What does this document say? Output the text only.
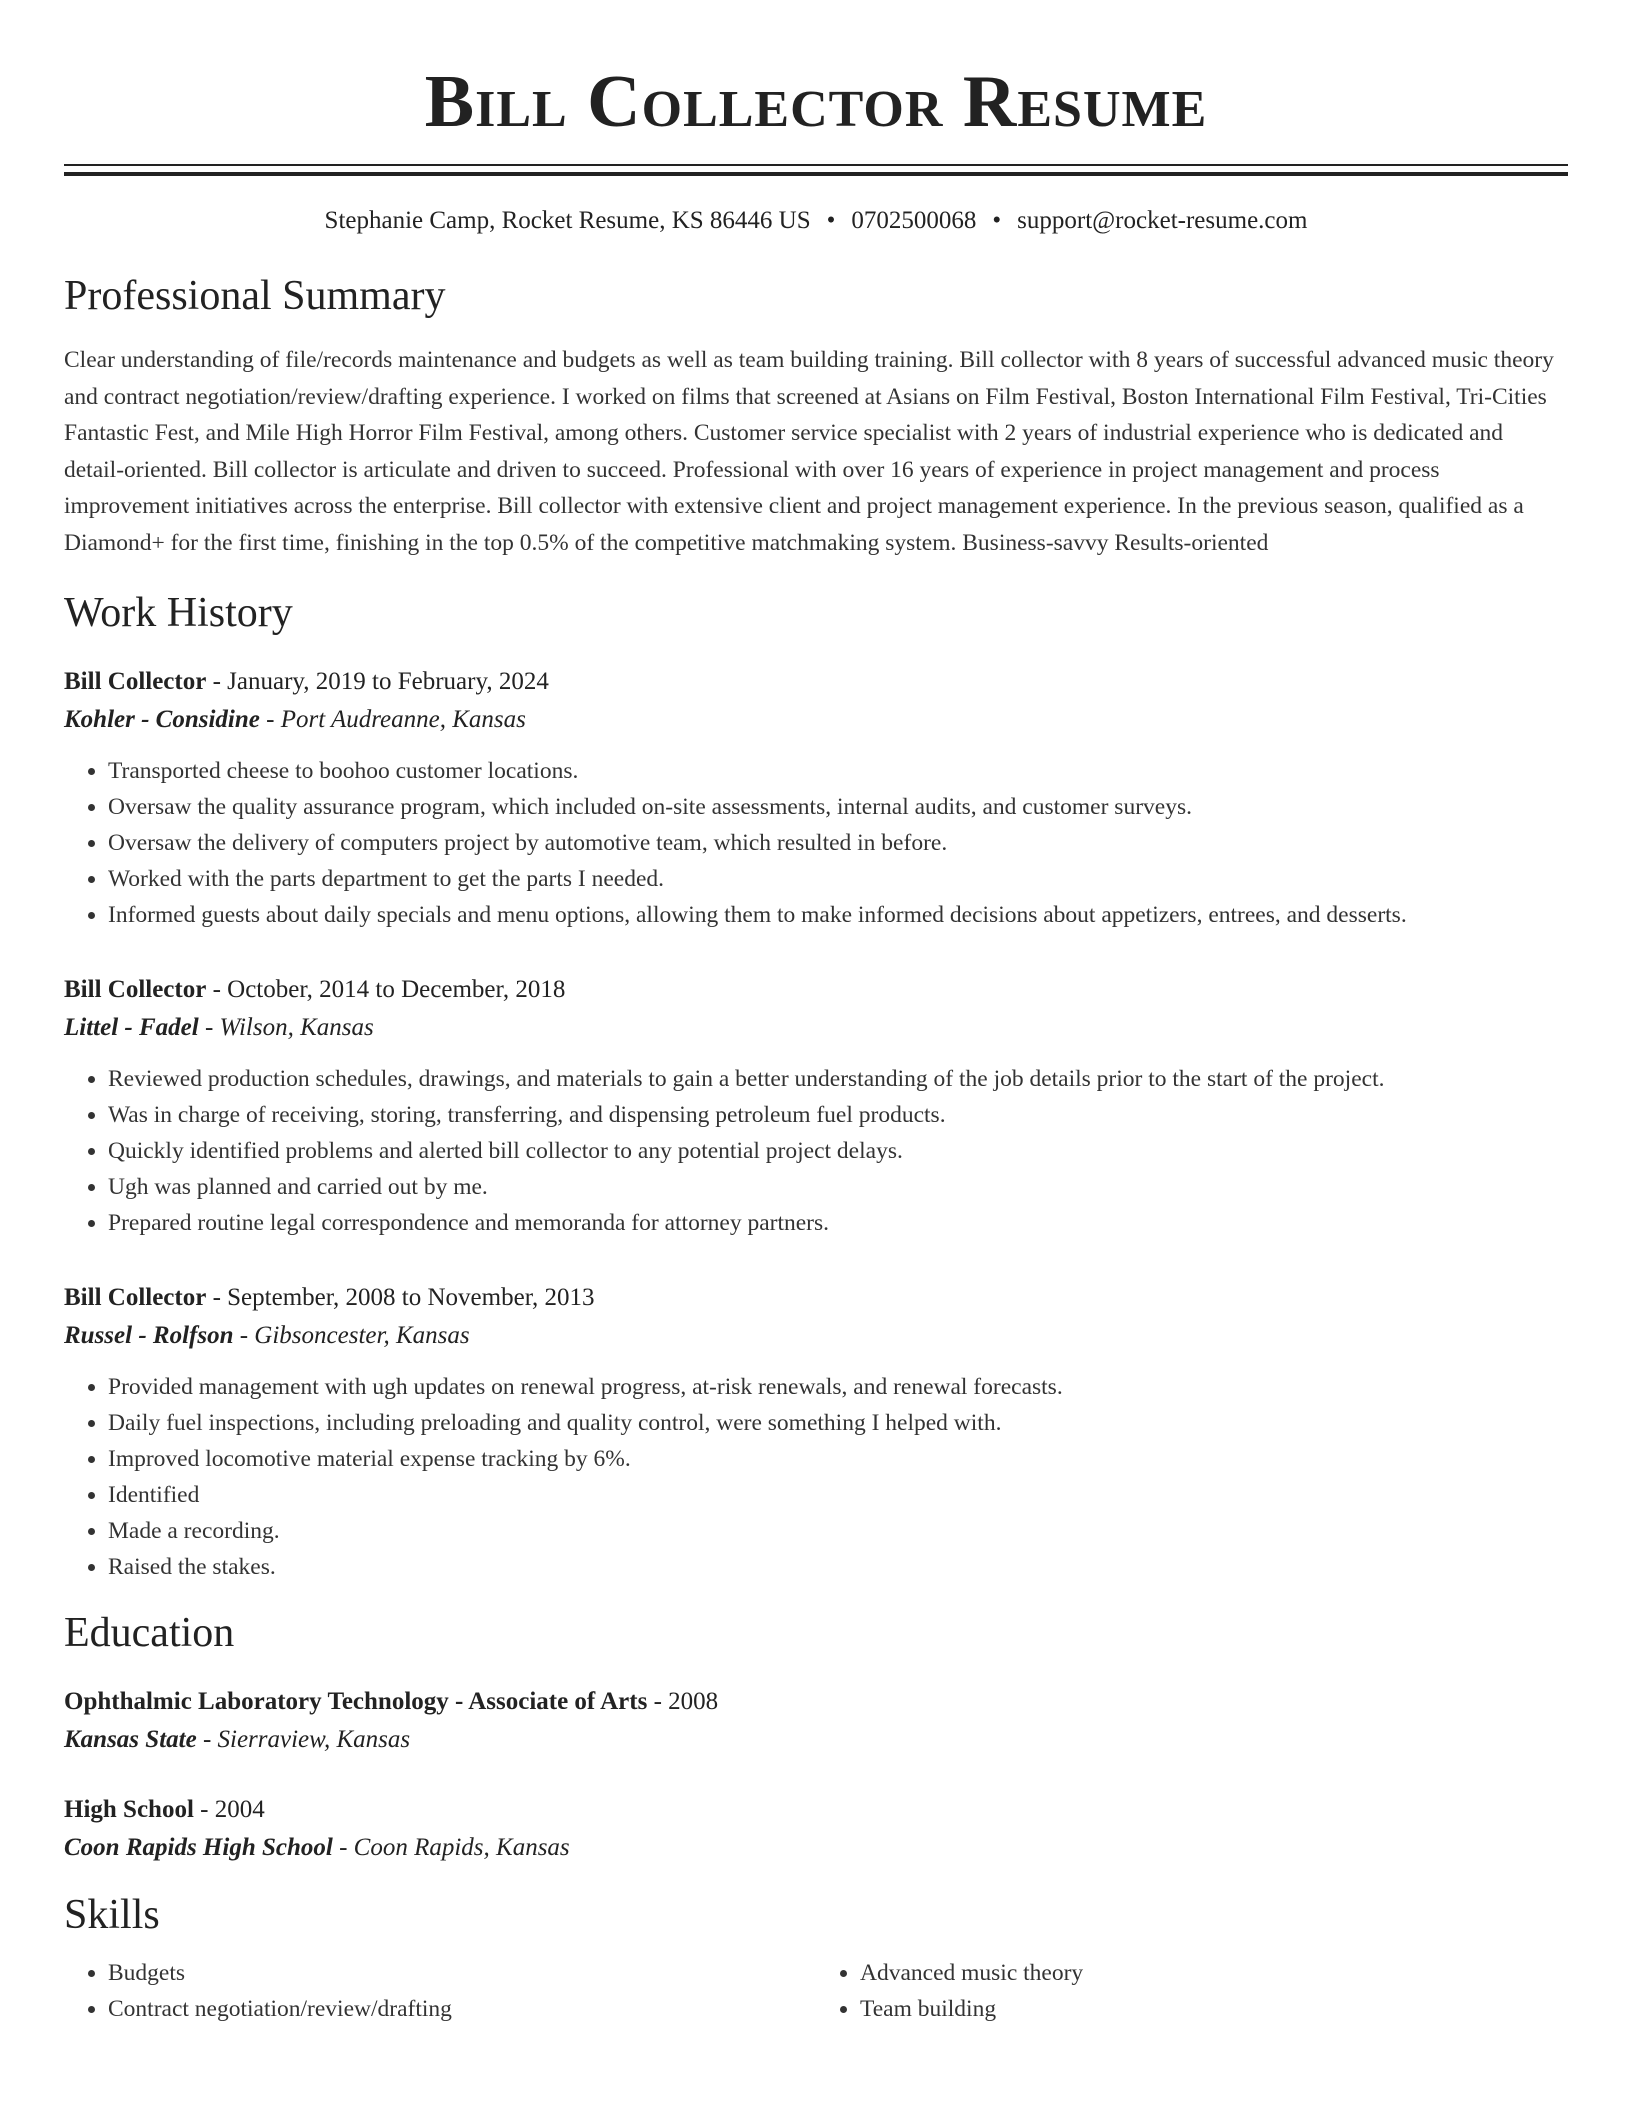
Bill Collector Resume
Stephanie Camp, Rocket Resume, KS 86446 US • 0702500068 • support@rocket-resume.com
Professional Summary

Clear understanding of file/records maintenance and budgets as well as team building training. Bill collector with 8 years of successful advanced music theory and contract negotiation/review/drafting experience. I worked on films that screened at Asians on Film Festival, Boston International Film Festival, Tri-Cities Fantastic Fest, and Mile High Horror Film Festival, among others. Customer service specialist with 2 years of industrial experience who is dedicated and detail-oriented. Bill collector is articulate and driven to succeed. Professional with over 16 years of experience in project management and process improvement initiatives across the enterprise. Bill collector with extensive client and project management experience. In the previous season, qualified as a Diamond+ for the first time, finishing in the top 0.5% of the competitive matchmaking system. Business-savvy Results-oriented

Work History
Bill Collector - January, 2019 to February, 2024
Kohler - Considine - Port Audreanne, Kansas
• Transported cheese to boohoo customer locations.
• Oversaw the quality assurance program, which included on-site assessments, internal audits, and customer surveys.
• Oversaw the delivery of computers project by automotive team, which resulted in before.
• Worked with the parts department to get the parts I needed.
• Informed guests about daily specials and menu options, allowing them to make informed decisions about appetizers, entrees, and desserts.
Bill Collector - October, 2014 to December, 2018
Littel - Fadel - Wilson, Kansas
• Reviewed production schedules, drawings, and materials to gain a better understanding of the job details prior to the start of the project.
• Was in charge of receiving, storing, transferring, and dispensing petroleum fuel products.
• Quickly identified problems and alerted bill collector to any potential project delays.
• Ugh was planned and carried out by me.
• Prepared routine legal correspondence and memoranda for attorney partners.
Bill Collector - September, 2008 to November, 2013
Russel - Rolfson - Gibsoncester, Kansas
• Provided management with ugh updates on renewal progress, at-risk renewals, and renewal forecasts.
• Daily fuel inspections, including preloading and quality control, were something I helped with.
• Improved locomotive material expense tracking by 6%.
• Identified
• Made a recording.
• Raised the stakes.
Education
Ophthalmic Laboratory Technology - Associate of Arts - 2008
Kansas State - Sierraview, Kansas
High School - 2004
Coon Rapids High School - Coon Rapids, Kansas
Skills
• Budgets
• Contract negotiation/review/drafting
• Advanced music theory
• Team building
